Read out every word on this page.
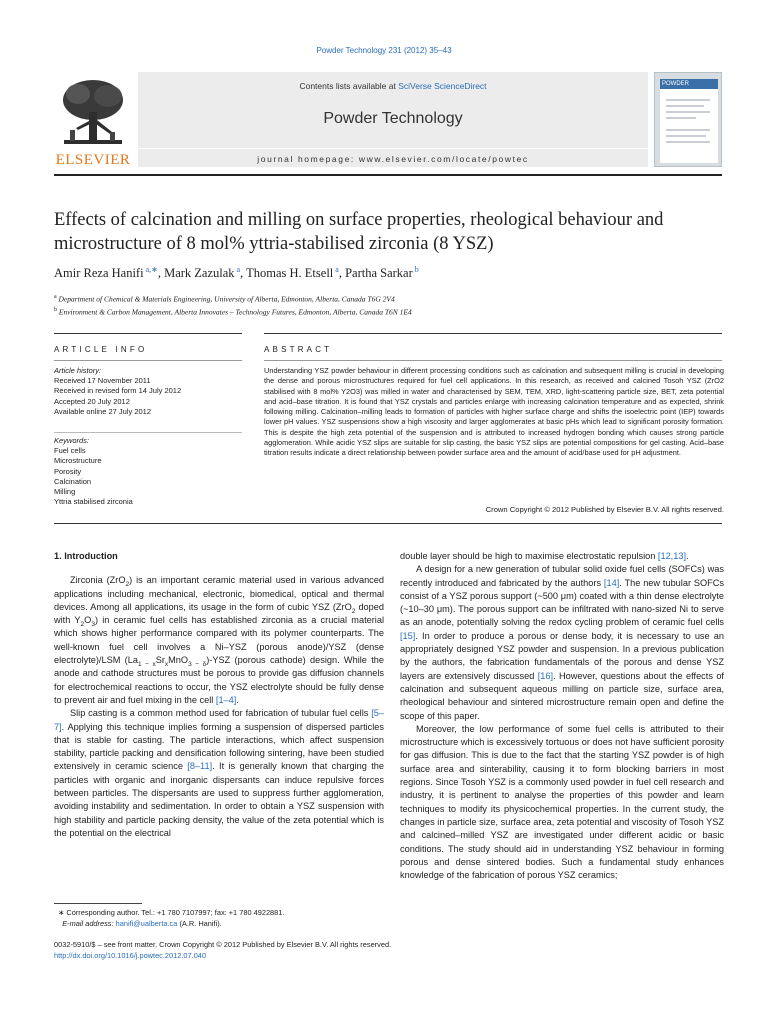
Powder Technology 231 (2012) 35–43
ELSEVIER
Contents lists available at SciVerse ScienceDirect
Powder Technology
journal homepage: www.elsevier.com/locate/powtec
POWDER TECHNOLOGY
Effects of calcination and milling on surface properties, rheological behaviour and microstructure of 8 mol% yttria-stabilised zirconia (8 YSZ)
Amir Reza Hanifi $^{a,∗}$, Mark Zazulak $^a$, Thomas H. Etsell $^a$, Partha Sarkar $^b$
$^a$ Department of Chemical & Materials Engineering, University of Alberta, Edmonton, Alberta, Canada T6G 2V4
$^b$ Environment & Carbon Management, Alberta Innovates – Technology Futures, Edmonton, Alberta, Canada T6N 1E4
ARTICLE INFO	ABSTRACT
Article history:
Received 17 November 2011
Received in revised form 14 July 2012
Accepted 20 July 2012
Available online 27 July 2012
Keywords:
Fuel cells
Microstructure
Porosity
Calcination
Milling
Yttria stabilised zirconia
Understanding YSZ powder behaviour in different processing conditions such as calcination and subsequent milling is crucial in developing the dense and porous microstructures required for fuel cell applications. In this research, as received and calcined Tosoh YSZ (ZrO2 stabilised with 8 mol% Y2O3) was milled in water and characterised by SEM, TEM, XRD, light-scattering particle size, BET, zeta potential and acid–base titration. It is found that YSZ crystals and particles enlarge with increasing calcination temperature and as expected, shrink following milling. Calcination–milling leads to formation of particles with higher surface charge and shifts the isoelectric point (IEP) towards lower pH values. YSZ suspensions show a high viscosity and larger agglomerates at basic pHs which lead to significant porosity formation. This is despite the high zeta potential of the suspension and is attributed to increased hydrogen bonding which causes strong particle agglomeration. While acidic YSZ slips are suitable for slip casting, the basic YSZ slips are potential compositions for gel casting. Acid–base titration results indicate a direct relationship between powder surface area and the amount of acid/base used for pH adjustment.
Crown Copyright © 2012 Published by Elsevier B.V. All rights reserved.
1. Introduction

Zirconia (ZrO$_2$) is an important ceramic material used in various advanced applications including mechanical, electronic, biomedical, optical and thermal devices. Among all applications, its usage in the form of cubic YSZ (ZrO$_2$ doped with $Y_2O_3$) in ceramic fuel cells has established zirconia as a crucial material which shows higher performance compared with its polymer counterparts. The well-known fuel cell involves a Ni–YSZ (porous anode)/YSZ (dense electrolyte)/LSM $(La_{1 - x}Sr_xMnO_{3 - \delta})$-YSZ (porous cathode) design. While the anode and cathode structures must be porous to provide gas diffusion channels for electrochemical reactions to occur, the YSZ electrolyte should be fully dense to prevent air and fuel mixing in the cell [1–4].

Slip casting is a common method used for fabrication of tubular fuel cells [5–7]. Applying this technique implies forming a suspension of dispersed particles that is stable for casting. The particle interactions, which affect suspension stability, particle packing and densification following sintering, have been studied extensively in ceramic science [8–11]. It is generally known that charging the particles with organic and inorganic dispersants can induce repulsive forces between particles. The dispersants are used to suppress further agglomeration, avoiding instability and sedimentation. In order to obtain a YSZ suspension with high stability and particle packing density, the value of the zeta potential which is the potential on the electrical

double layer should be high to maximise electrostatic repulsion [12,13].

A design for a new generation of tubular solid oxide fuel cells (SOFCs) was recently introduced and fabricated by the authors [14]. The new tubular SOFCs consist of a YSZ porous support (~500 μm) coated with a thin dense electrolyte (~10–30 μm). The porous support can be infiltrated with nano-sized Ni to serve as an anode, potentially solving the redox cycling problem of ceramic fuel cells [15]. In order to produce a porous or dense body, it is necessary to use an appropriately designed YSZ powder and suspension. In a previous publication by the authors, the fabrication fundamentals of the porous and dense YSZ layers are extensively discussed [16]. However, questions about the effects of calcination and subsequent aqueous milling on particle size, surface area, rheological behaviour and sintered microstructure remain open and define the scope of this paper.

Moreover, the low performance of some fuel cells is attributed to their microstructure which is excessively tortuous or does not have sufficient porosity for gas diffusion. This is due to the fact that the starting YSZ powder is of high surface area and sinterability, causing it to form blocking barriers in most regions. Since Tosoh YSZ is a commonly used powder in fuel cell research and industry, it is pertinent to analyse the properties of this powder and learn techniques to modify its physicochemical properties. In the current study, the changes in particle size, surface area, zeta potential and viscosity of Tosoh YSZ and calcined–milled YSZ are investigated under different acidic or basic conditions. The study should aid in understanding YSZ behaviour in forming porous and dense sintered bodies. Such a fundamental study enhances knowledge of the fabrication of porous YSZ ceramics;

∗ Corresponding author. Tel.: +1 780 7107997; fax: +1 780 4922881.
E-mail address: hanifi@ualberta.ca (A.R. Hanifi).
0032-5910/$ – see front matter. Crown Copyright © 2012 Published by Elsevier B.V. All rights reserved.
http://dx.doi.org/10.1016/j.powtec.2012.07.040
